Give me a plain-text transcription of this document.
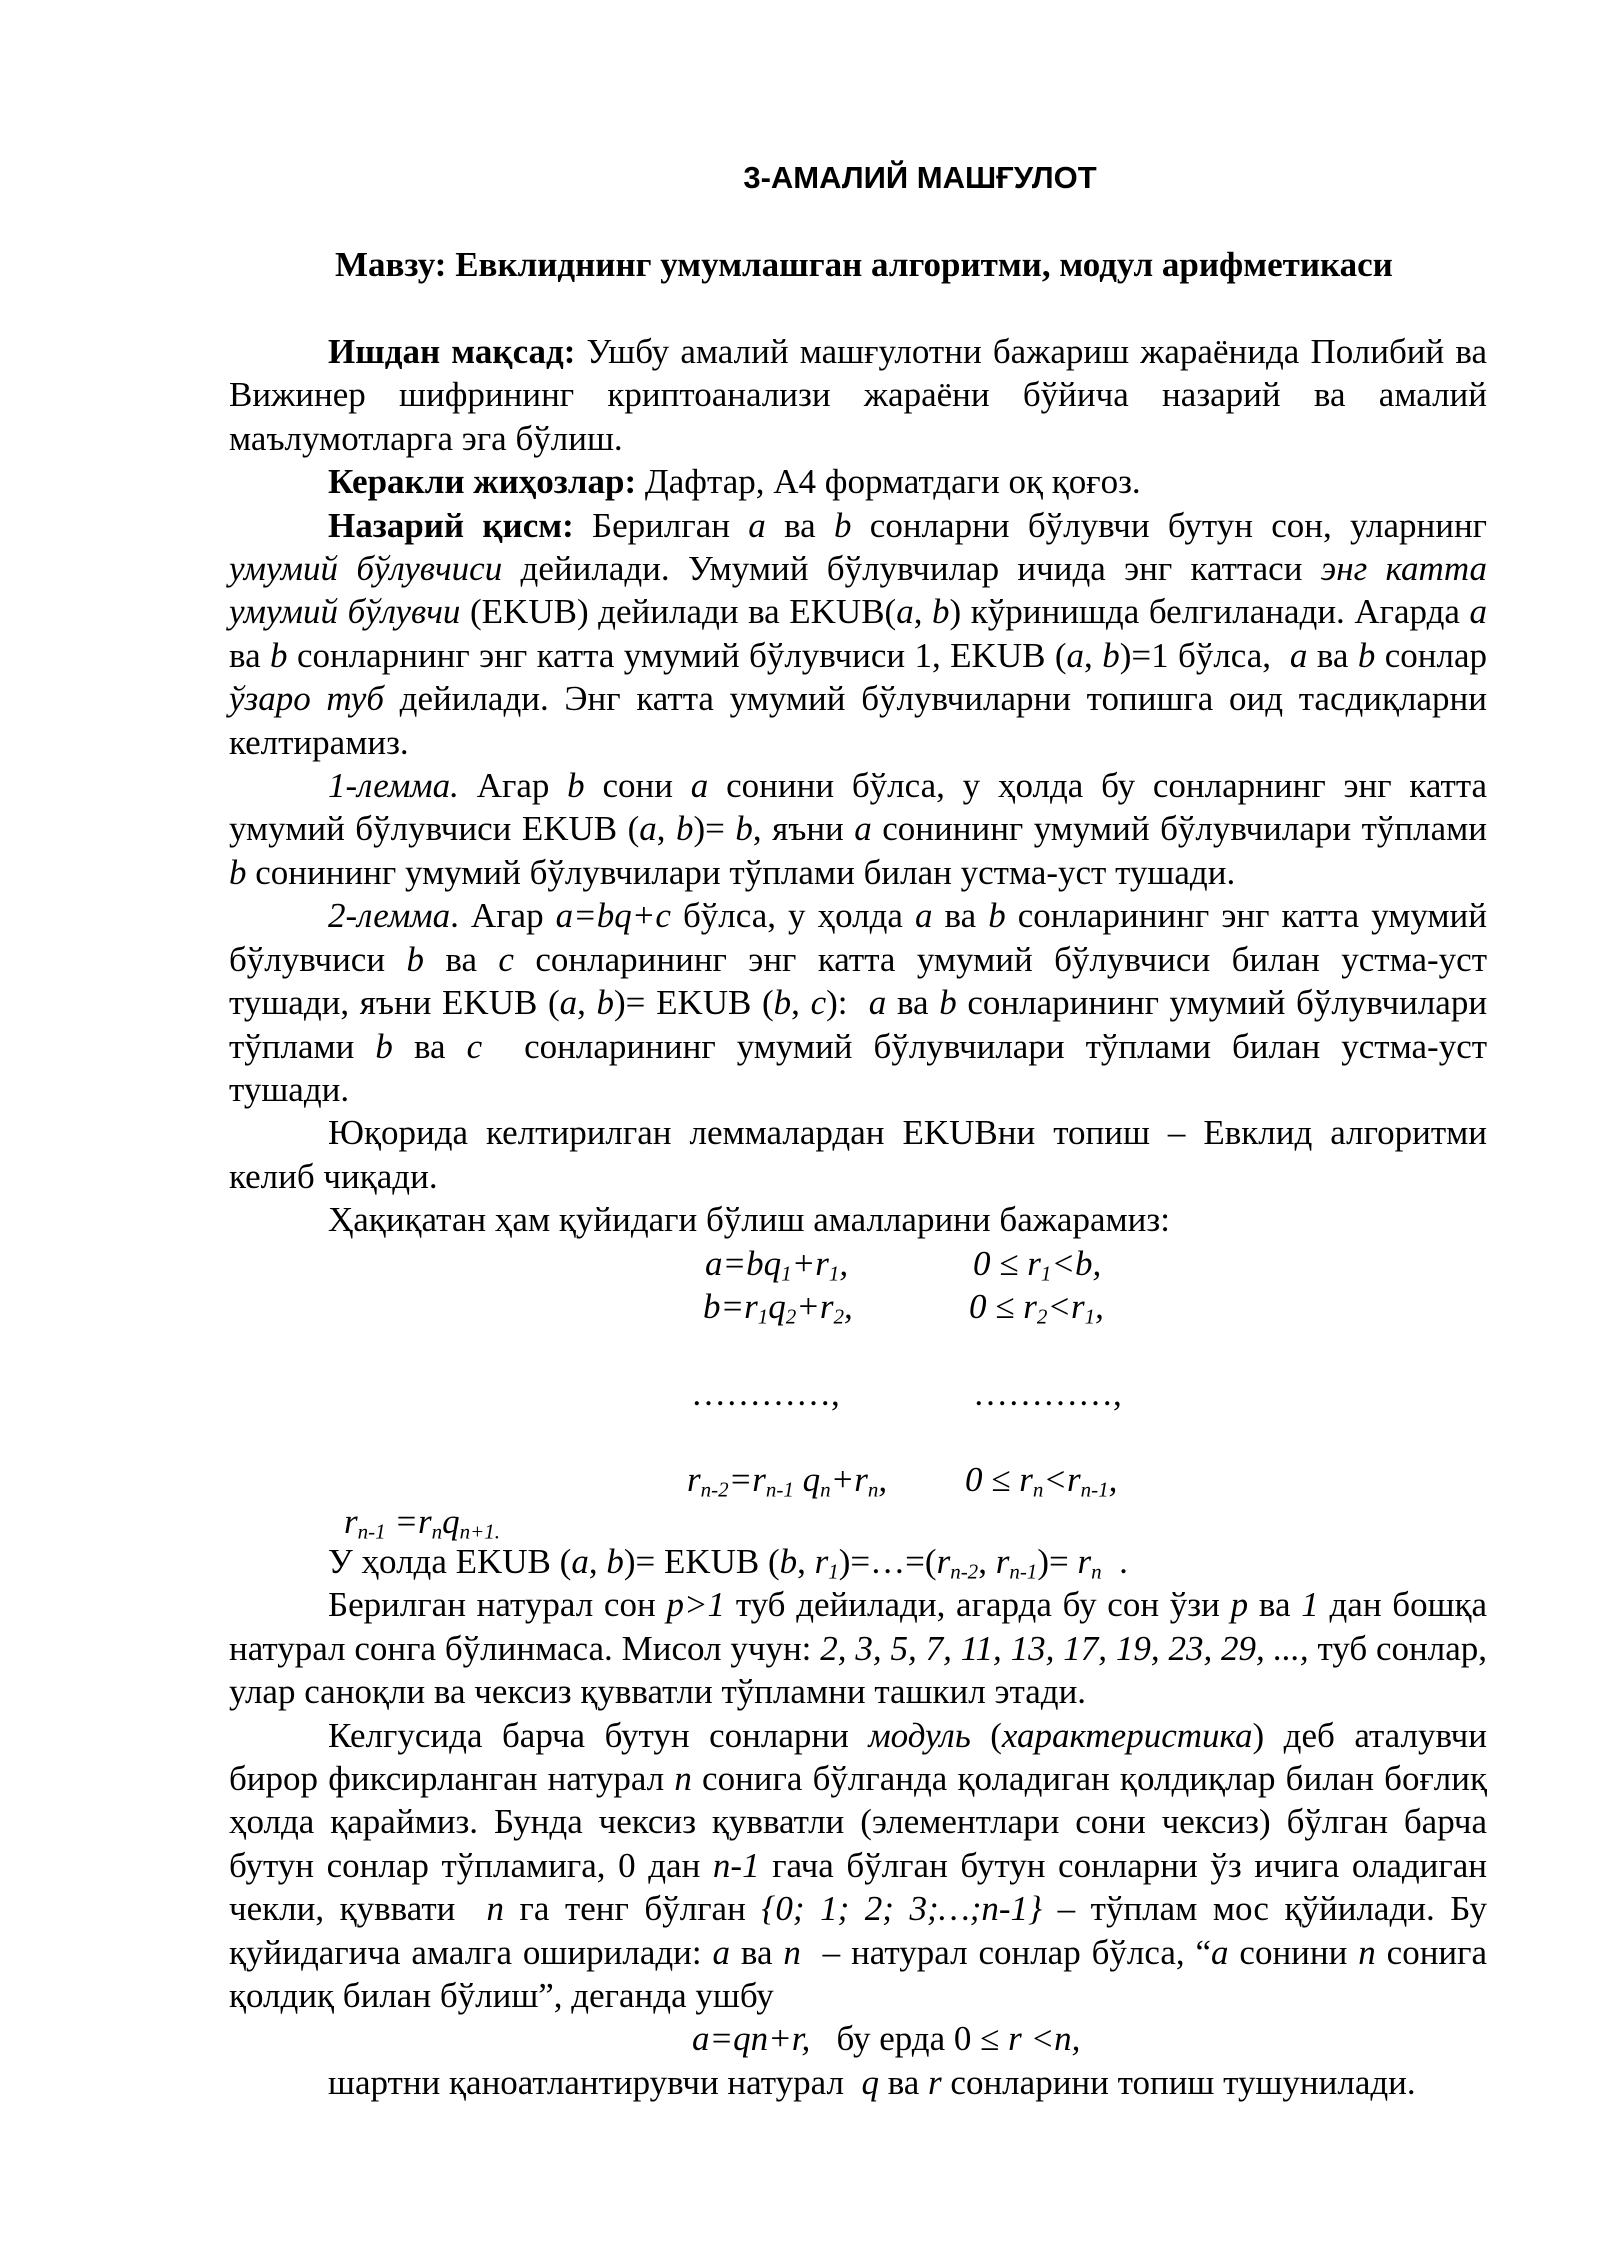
3-АМАЛИЙ МАШҒУЛОТ
Мавзу: Евклиднинг умумлашган алгоритми, модул арифметикаси

Ишдан мақсад: Ушбу амалий машғулотни бажариш жараёнида Полибий ва Вижинер шифрининг криптоанализи жараёни бўйича назарий ва амалий маълумотларга эга бўлиш.

Керакли жиҳозлар: Дафтар, А4 форматдаги оқ қоғоз.

Назарий қисм: Берилган a ва b сонларни бўлувчи бутун сон, уларнинг умумий бўлувчиси дейилади. Умумий бўлувчилар ичида энг каттаси энг катта умумий бўлувчи (EKUB) дейилади ва EKUB(a, b) кўринишда белгиланади. Агарда a ва b сонларнинг энг катта умумий бўлувчиси 1, EKUB (a, b)=1 бўлса, a ва b сонлар ўзаро туб дейилади. Энг катта умумий бўлувчиларни топишга оид тасдиқларни келтирамиз.

1-лемма. Агар b сони a сонини бўлса, у ҳолда бу сонларнинг энг катта умумий бўлувчиси EKUB (a, b)= b, яъни a сонининг умумий бўлувчилари тўплами b сонининг умумий бўлувчилари тўплами билан устма-уст тушади.

2-лемма. Агар a=bq+c бўлса, у ҳолда a ва b сонларининг энг катта умумий бўлувчиси b ва c сонларининг энг катта умумий бўлувчиси билан устма-уст тушади, яъни EKUB (a, b)= EKUB (b, c): a ва b сонларининг умумий бўлувчилари тўплами b ва c сонларининг умумий бўлувчилари тўплами билан устма-уст тушади.

Юқорида келтирилган леммалардан EKUBни топиш – Евклид алгоритми келиб чиқади.

Ҳақиқатан ҳам қуйидаги бўлиш амалларини бажарамиз:

$a=bq_1+r_1$,	$0 \le r_1<b$,
$b=r_1q_2+r_2$,	$0 \le r_2<r_1$,
…………,	…………,
$r_{n-2}=r_{n-1}$ $q_n+r_n$, $0 \le r_n<r_{n-1}$,
$r_{n-1} =r_nq_{n+1.}$

У ҳолда EKUB (a, b)= EKUB (b, $r_1)=\dots=(r_{n-2}$, $r_{n-1})= r_n$  .

Берилган натурал сон p>1 туб дейилади, агарда бу сон ўзи p ва 1 дан бошқа натурал сонга бўлинмаса. Мисол учун: 2, 3, 5, 7, 11, 13, 17, 19, 23, 29, ..., туб сонлар, улар саноқли ва чексиз қувватли тўпламни ташкил этади.

Келгусида барча бутун сонларни модуль (характеристика) деб аталувчи бирор фиксирланган натурал n сонига бўлганда қоладиган қолдиқлар билан боғлиқ ҳолда қараймиз. Бунда чексиз қувватли (элементлари сони чексиз) бўлган барча бутун сонлар тўпламига, 0 дан n-1 гача бўлган бутун сонларни ўз ичига оладиган чекли, қуввати n га тенг бўлган {0; 1; 2; 3;…;n-1} – тўплам мос қўйилади. Бу қуйидагича амалга оширилади: a ва n  – натурал сонлар бўлса, “a сонини n сонига қолдиқ билан бўлиш”, деганда ушбу

a=qn+r, бу ерда 0 ≤ r <n,

шартни қаноатлантирувчи натурал q ва r сонларини топиш тушунилади.
